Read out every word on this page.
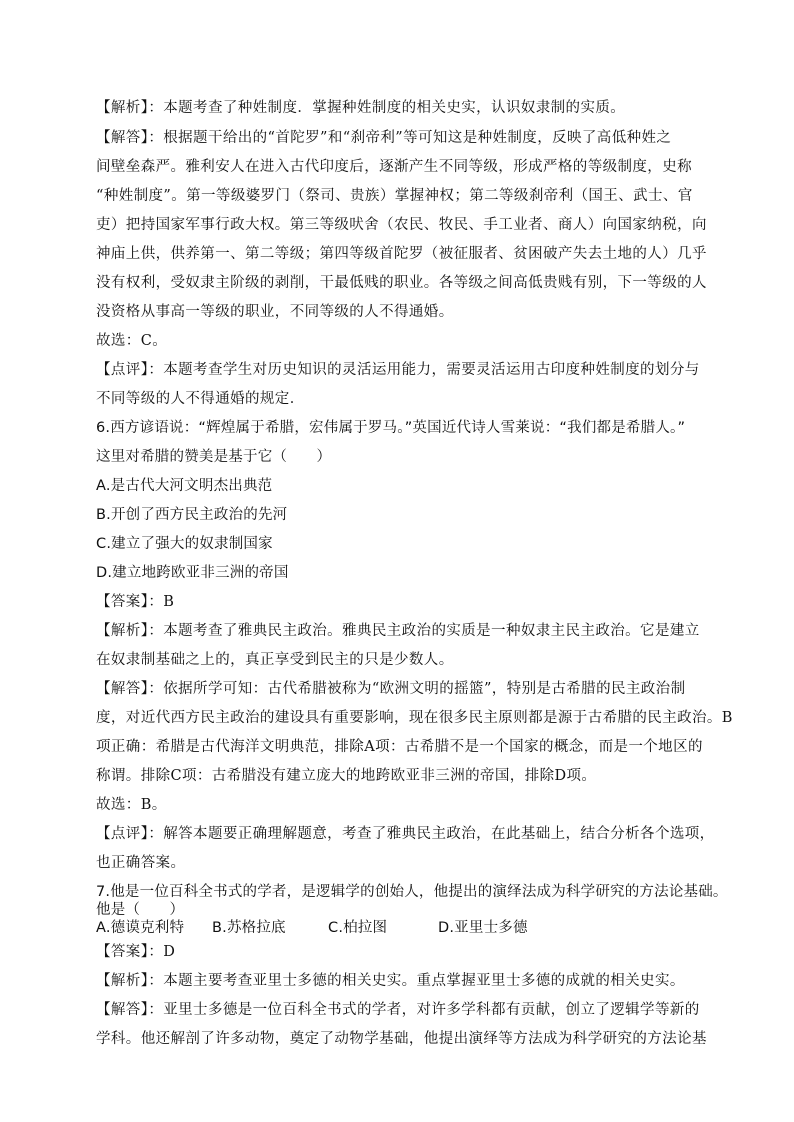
【解析】：本题考查了种姓制度．掌握种姓制度的相关史实，认识奴隶制的实质。
【解答】：根据题干给出的“首陀罗”和“刹帝利”等可知这是种姓制度，反映了高低种姓之
间壁垒森严。雅利安人在进入古代印度后，逐渐产生不同等级，形成严格的等级制度，史称
“种姓制度”。第一等级婆罗门（祭司、贵族）掌握神权；第二等级刹帝利（国王、武士、官
吏）把持国家军事行政大权。第三等级吠舍（农民、牧民、手工业者、商人）向国家纳税，向
神庙上供，供养第一、第二等级；第四等级首陀罗（被征服者、贫困破产失去土地的人）几乎
没有权利，受奴隶主阶级的剥削，干最低贱的职业。各等级之间高低贵贱有别，下一等级的人
没资格从事高一等级的职业，不同等级的人不得通婚。
故选：C。
【点评】：本题考查学生对历史知识的灵活运用能力，需要灵活运用古印度种姓制度的划分与
不同等级的人不得通婚的规定．
6.西方谚语说：“辉煌属于希腊，宏伟属于罗马。”英国近代诗人雪莱说：“我们都是希腊人。”
这里对希腊的赞美是基于它（　　）
A.是古代大河文明杰出典范
B.开创了西方民主政治的先河
C.建立了强大的奴隶制国家
D.建立地跨欧亚非三洲的帝国
【答案】：B
【解析】：本题考查了雅典民主政治。雅典民主政治的实质是一种奴隶主民主政治。它是建立
在奴隶制基础之上的，真正享受到民主的只是少数人。
【解答】：依据所学可知：古代希腊被称为“欧洲文明的摇篮”，特别是古希腊的民主政治制
度，对近代西方民主政治的建设具有重要影响，现在很多民主原则都是源于古希腊的民主政治。B
项正确：希腊是古代海洋文明典范，排除A项：古希腊不是一个国家的概念，而是一个地区的
称谓。排除C项：古希腊没有建立庞大的地跨欧亚非三洲的帝国，排除D项。
故选：B。
【点评】：解答本题要正确理解题意，考查了雅典民主政治，在此基础上，结合分析各个选项，
也正确答案。
7.他是一位百科全书式的学者，是逻辑学的创始人，他提出的演绎法成为科学研究的方法论基础。
他是（　　）
A.德谟克利特 B.苏格拉底	C.柏拉图	D.亚里士多德
【答案】：D
【解析】：本题主要考查亚里士多德的相关史实。重点掌握亚里士多德的成就的相关史实。
【解答】：亚里士多德是一位百科全书式的学者，对许多学科都有贡献，创立了逻辑学等新的
学科。他还解剖了许多动物，奠定了动物学基础，他提出演绎等方法成为科学研究的方法论基
